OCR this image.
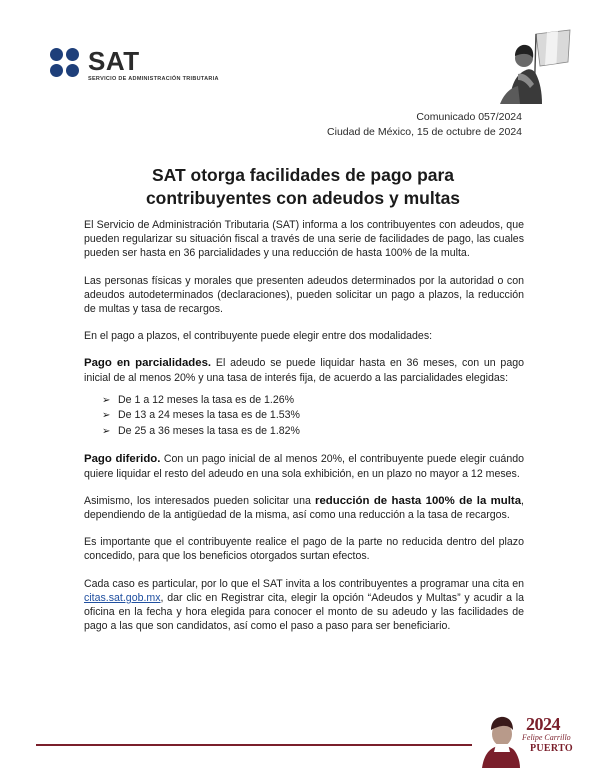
SAT
SERVICIO DE ADMINISTRACIÓN TRIBUTARIA
Comunicado 057/2024
Ciudad de México, 15 de octubre de 2024
SAT otorga facilidades de pago para
contribuyentes con adeudos y multas

El Servicio de Administración Tributaria (SAT) informa a los contribuyentes con adeudos, que pueden regularizar su situación fiscal a través de una serie de facilidades de pago, las cuales pueden ser hasta en 36 parcialidades y una reducción de hasta 100% de la multa.

Las personas físicas y morales que presenten adeudos determinados por la autoridad o con adeudos autodeterminados (declaraciones), pueden solicitar un pago a plazos, la reducción de multas y tasa de recargos.

En el pago a plazos, el contribuyente puede elegir entre dos modalidades:

Pago en parcialidades. El adeudo se puede liquidar hasta en 36 meses, con un pago inicial de al menos 20% y una tasa de interés fija, de acuerdo a las parcialidades elegidas:

➢ De 1 a 12 meses la tasa es de 1.26%
➢ De 13 a 24 meses la tasa es de 1.53%
➢ De 25 a 36 meses la tasa es de 1.82%

Pago diferido. Con un pago inicial de al menos 20%, el contribuyente puede elegir cuándo quiere liquidar el resto del adeudo en una sola exhibición, en un plazo no mayor a 12 meses.

Asimismo, los interesados pueden solicitar una reducción de hasta 100% de la multa, dependiendo de la antigüedad de la misma, así como una reducción a la tasa de recargos.

Es importante que el contribuyente realice el pago de la parte no reducida dentro del plazo concedido, para que los beneficios otorgados surtan efectos.

Cada caso es particular, por lo que el SAT invita a los contribuyentes a programar una cita en citas.sat.gob.mx, dar clic en Registrar cita, elegir la opción “Adeudos y Multas” y acudir a la oficina en la fecha y hora elegida para conocer el monto de su adeudo y las facilidades de pago a las que son candidatos, así como el paso a paso para ser beneficiario.

2024
Felipe Carrillo
PUERTO
